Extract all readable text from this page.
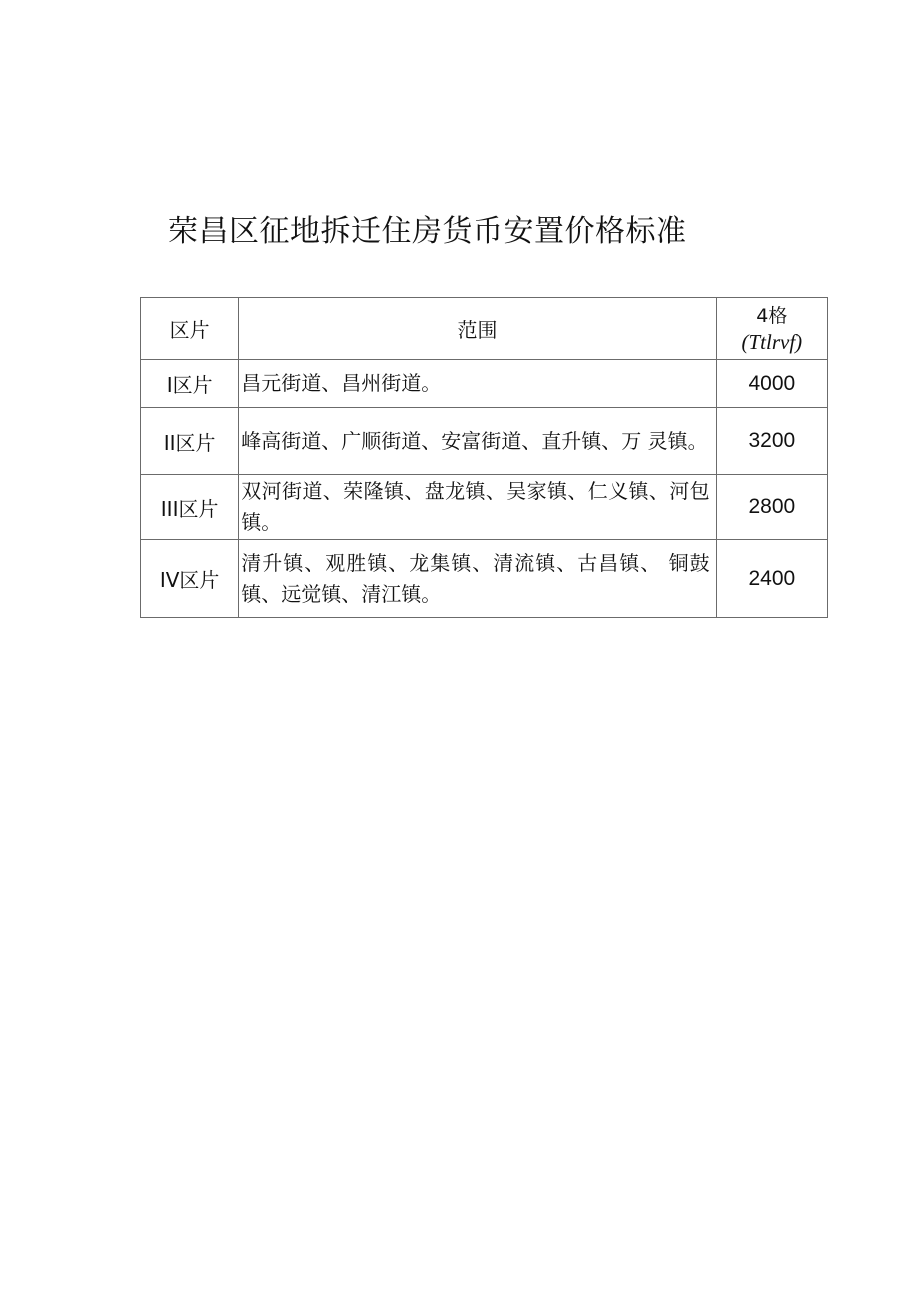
荣昌区征地拆迁住房货币安置价格标准
区片	范围	4格
(Ttlrvf)

I区片	昌元街道、昌州街道。	4000
II区片	峰高街道、广顺街道、安富街道、直升镇、万 灵镇。	3200
III区片	双河街道、荣隆镇、盘龙镇、吴家镇、仁义镇、河包镇。	2800
IV区片	清升镇、观胜镇、龙集镇、清流镇、古昌镇、 铜鼓镇、远觉镇、清江镇。	2400
